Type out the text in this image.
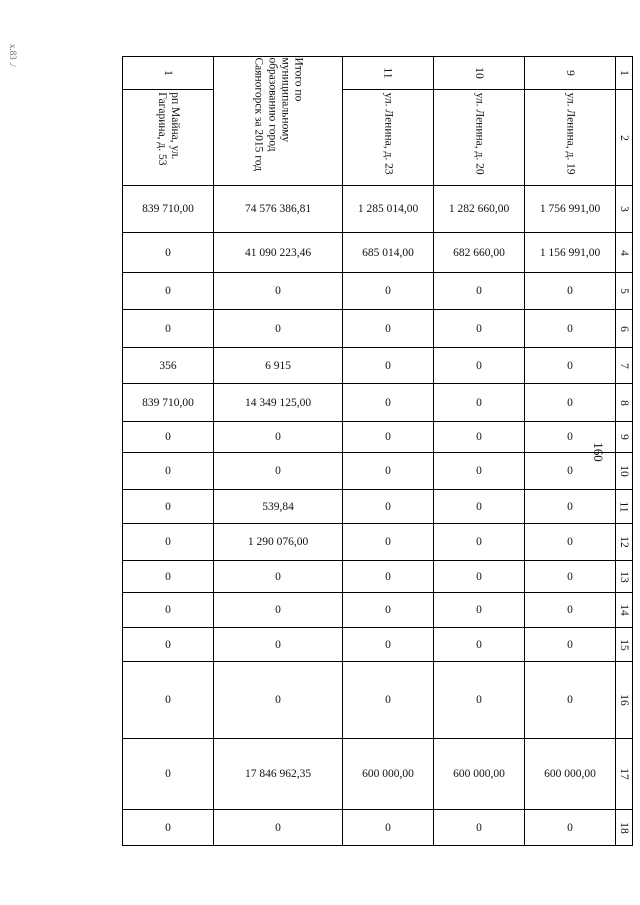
x.83 ./
160
1	Итого по муниципальному образованию город Саяногорск за 2015 год	11	10	9	1
рп Майна, ул. Гагарина, д. 53		ул. Ленина, д. 23	ул. Ленина, д. 20	ул. Ленина, д. 19	2
839 710,00	74 576 386,81	1 285 014,00	1 282 660,00	1 756 991,00	3
0	41 090 223,46	685 014,00	682 660,00	1 156 991,00	4
0	0	0	0	0	5
0	0	0	0	0	6
356	6 915	0	0	0	7
839 710,00	14 349 125,00	0	0	0	8
0	0	0	0	0	9
0	0	0	0	0	10
0	539,84	0	0	0	11
0	1 290 076,00	0	0	0	12
0	0	0	0	0	13
0	0	0	0	0	14
0	0	0	0	0	15
0	0	0	0	0	16
0	17 846 962,35	600 000,00	600 000,00	600 000,00	17
0	0	0	0	0	18
